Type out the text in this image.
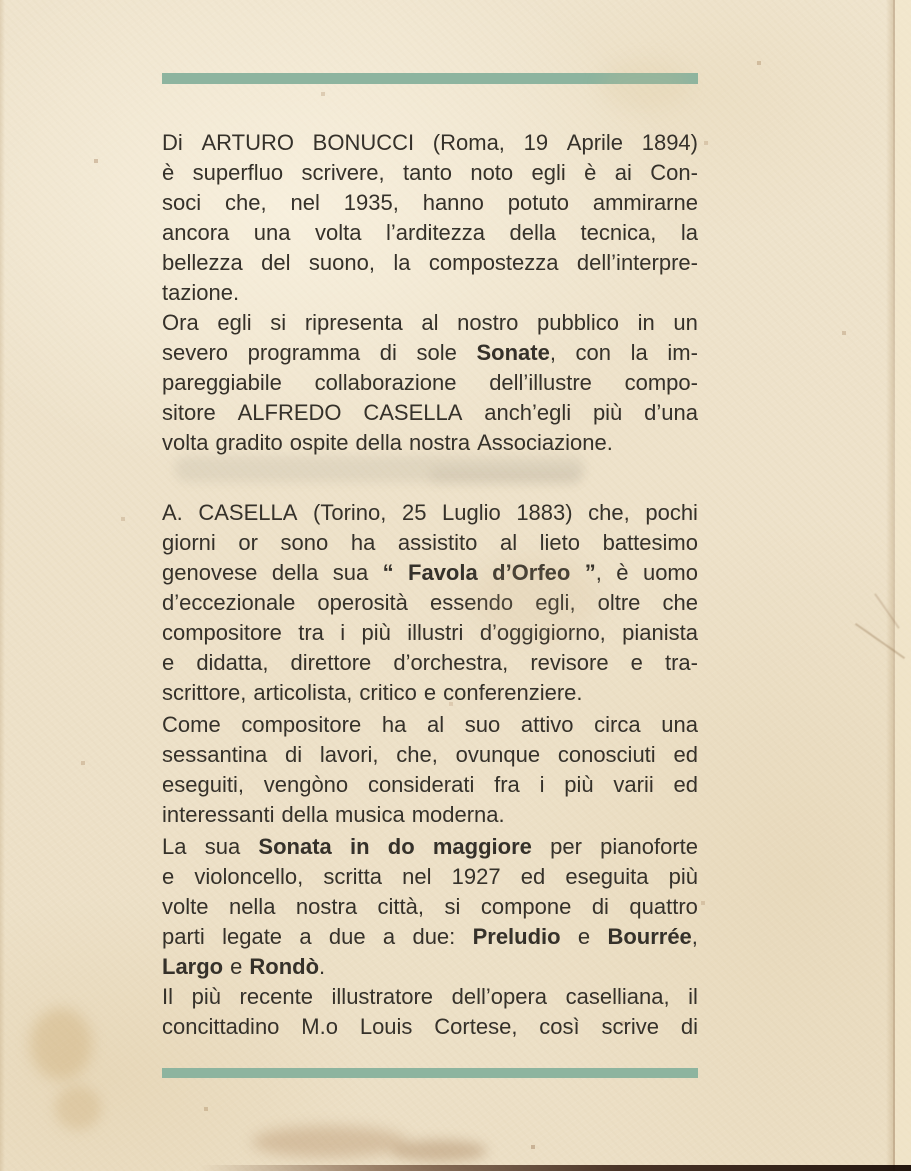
Di ARTURO BONUCCI (Roma, 19 Aprile 1894)
è superfluo scrivere, tanto noto egli è ai Con-
soci che, nel 1935, hanno potuto ammirarne
ancora una volta l’arditezza della tecnica, la
bellezza del suono, la compostezza dell’interpre-
tazione.
Ora egli si ripresenta al nostro pubblico in un
severo programma di sole Sonate, con la im-
pareggiabile collaborazione dell’illustre compo-
sitore ALFREDO CASELLA anch’egli più d’una
volta gradito ospite della nostra Associazione.
A. CASELLA (Torino, 25 Luglio 1883) che, pochi
giorni or sono ha assistito al lieto battesimo
genovese della sua “ Favola d’Orfeo ”, è uomo
d’eccezionale operosità essendo egli, oltre che
compositore tra i più illustri d’oggigiorno, pianista
e didatta, direttore d’orchestra, revisore e tra-
scrittore, articolista, critico e conferenziere.
Come compositore ha al suo attivo circa una
sessantina di lavori, che, ovunque conosciuti ed
eseguiti, vengòno considerati fra i più varii ed
interessanti della musica moderna.
La sua Sonata in do maggiore per pianoforte
e violoncello, scritta nel 1927 ed eseguita più
volte nella nostra città, si compone di quattro
parti legate a due a due: Preludio e Bourrée,
Largo e Rondò.
Il più recente illustratore dell’opera caselliana, il
concittadino M.o Louis Cortese, così scrive di
